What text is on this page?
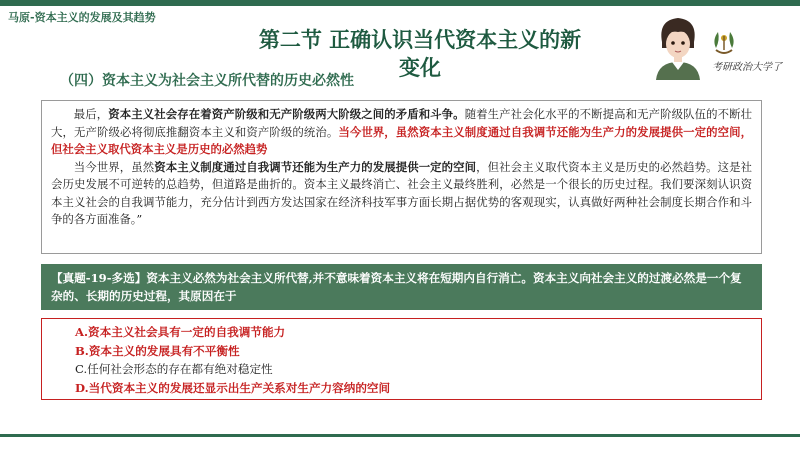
马原-资本主义的发展及其趋势
第二节 正确认识当代资本主义的新
变化
（四）资本主义为社会主义所代替的历史必然性
考研政治大学了

最后，资本主义社会存在着资产阶级和无产阶级两大阶级之间的矛盾和斗争。随着生产社会化水平的不断提高和无产阶级队伍的不断壮大，无产阶级必将彻底推翻资本主义和资产阶级的统治。当今世界，虽然资本主义制度通过自我调节还能为生产力的发展提供一定的空间，但社会主义取代资本主义是历史的必然趋势

当今世界，虽然资本主义制度通过自我调节还能为生产力的发展提供一定的空间，但社会主义取代资本主义是历史的必然趋势。这是社会历史发展不可逆转的总趋势，但道路是曲折的。资本主义最终消亡、社会主义最终胜利，必然是一个很长的历史过程。我们要深刻认识资本主义社会的自我调节能力，充分估计到西方发达国家在经济科技军事方面长期占据优势的客观现实，认真做好两种社会制度长期合作和斗争的各方面准备。”

【真题-19-多选】资本主义必然为社会主义所代替,并不意味着资本主义将在短期内自行消亡。资本主义向社会主义的过渡必然是一个复杂的、长期的历史过程，其原因在于
A.资本主义社会具有一定的自我调节能力
B.资本主义的发展具有不平衡性
C.任何社会形态的存在都有绝对稳定性
D.当代资本主义的发展还显示出生产关系对生产力容纳的空间
